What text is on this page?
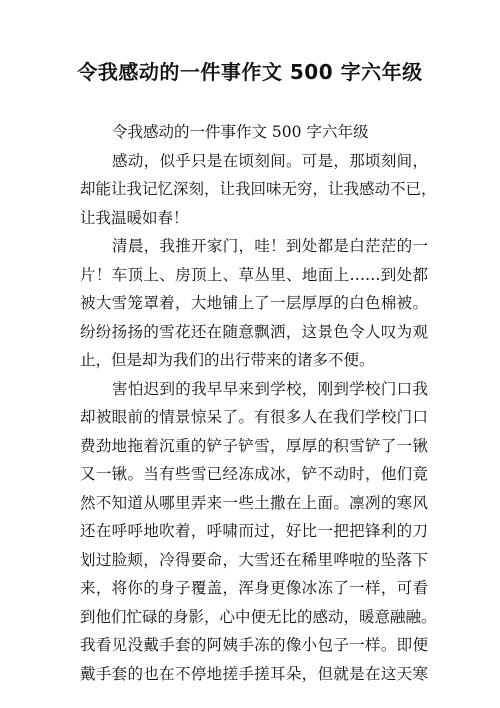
令我感动的一件事作文 500 字六年级
令我感动的一件事作文 500 字六年级
感动，似乎只是在顷刻间。可是，那顷刻间，
却能让我记忆深刻，让我回味无穷，让我感动不已，
让我温暖如春！
清晨，我推开家门，哇！到处都是白茫茫的一
片！车顶上、房顶上、草丛里、地面上……到处都
被大雪笼罩着，大地铺上了一层厚厚的白色棉被。
纷纷扬扬的雪花还在随意飘洒，这景色令人叹为观
止，但是却为我们的出行带来的诸多不便。
害怕迟到的我早早来到学校，刚到学校门口我
却被眼前的情景惊呆了。有很多人在我们学校门口
费劲地拖着沉重的铲子铲雪，厚厚的积雪铲了一锹
又一锹。当有些雪已经冻成冰，铲不动时，他们竟
然不知道从哪里弄来一些土撒在上面。凛冽的寒风
还在呼呼地吹着，呼啸而过，好比一把把锋利的刀
划过脸颊，冷得要命，大雪还在稀里哗啦的坠落下
来，将你的身子覆盖，浑身更像冰冻了一样，可看
到他们忙碌的身影，心中便无比的感动，暖意融融。
我看见没戴手套的阿姨手冻的像小包子一样。即便
戴手套的也在不停地搓手搓耳朵，但就是在这天寒
